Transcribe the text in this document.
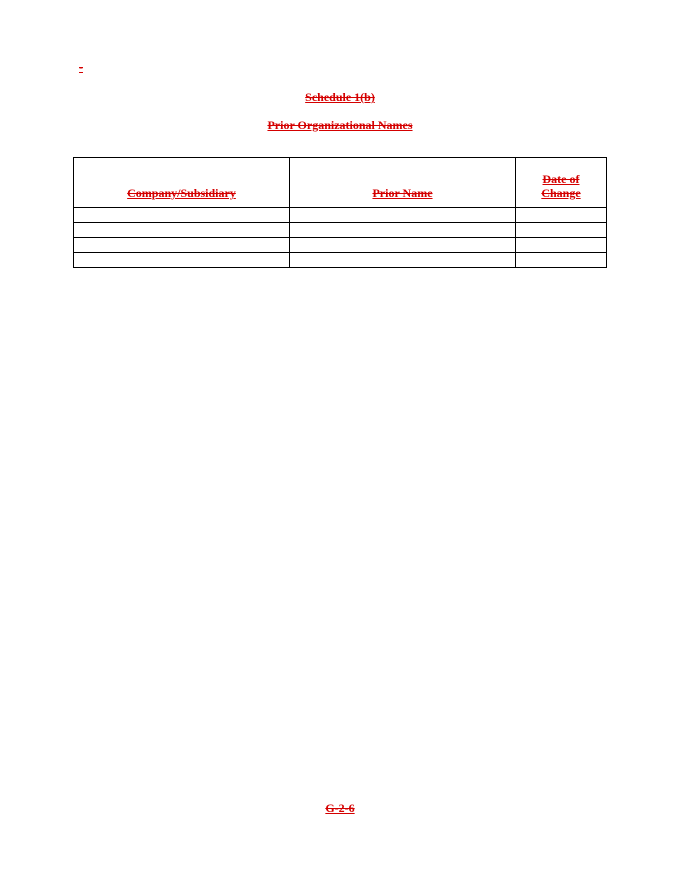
-
Schedule 1(b)
Prior Organizational Names
Company/Subsidiary	Prior Name	Date of Change

G-2-6
